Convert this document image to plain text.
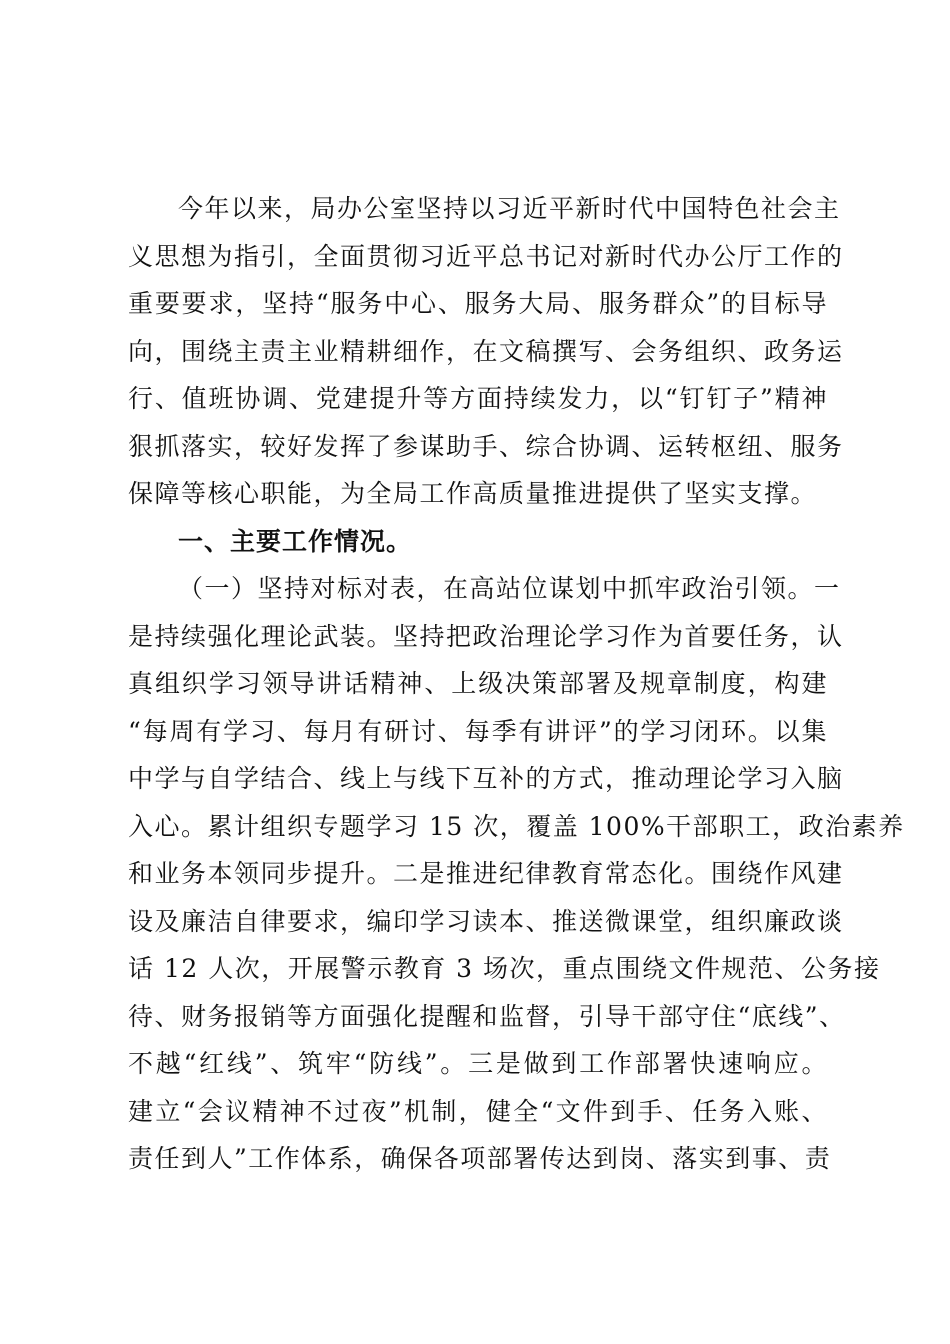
今年以来，局办公室坚持以习近平新时代中国特色社会主
义思想为指引，全面贯彻习近平总书记对新时代办公厅工作的
重要要求，坚持“服务中心、服务大局、服务群众”的目标导
向，围绕主责主业精耕细作，在文稿撰写、会务组织、政务运
行、值班协调、党建提升等方面持续发力，以“钉钉子”精神
狠抓落实，较好发挥了参谋助手、综合协调、运转枢纽、服务
保障等核心职能，为全局工作高质量推进提供了坚实支撑。
一、主要工作情况。
（一）坚持对标对表，在高站位谋划中抓牢政治引领。一
是持续强化理论武装。坚持把政治理论学习作为首要任务，认
真组织学习领导讲话精神、上级决策部署及规章制度，构建
“每周有学习、每月有研讨、每季有讲评”的学习闭环。以集
中学与自学结合、线上与线下互补的方式，推动理论学习入脑
入心。累计组织专题学习 15 次，覆盖 100%干部职工，政治素养
和业务本领同步提升。二是推进纪律教育常态化。围绕作风建
设及廉洁自律要求，编印学习读本、推送微课堂，组织廉政谈
话 12 人次，开展警示教育 3 场次，重点围绕文件规范、公务接
待、财务报销等方面强化提醒和监督，引导干部守住“底线”、
不越“红线”、筑牢“防线”。三是做到工作部署快速响应。
建立“会议精神不过夜”机制，健全“文件到手、任务入账、
责任到人”工作体系，确保各项部署传达到岗、落实到事、责
